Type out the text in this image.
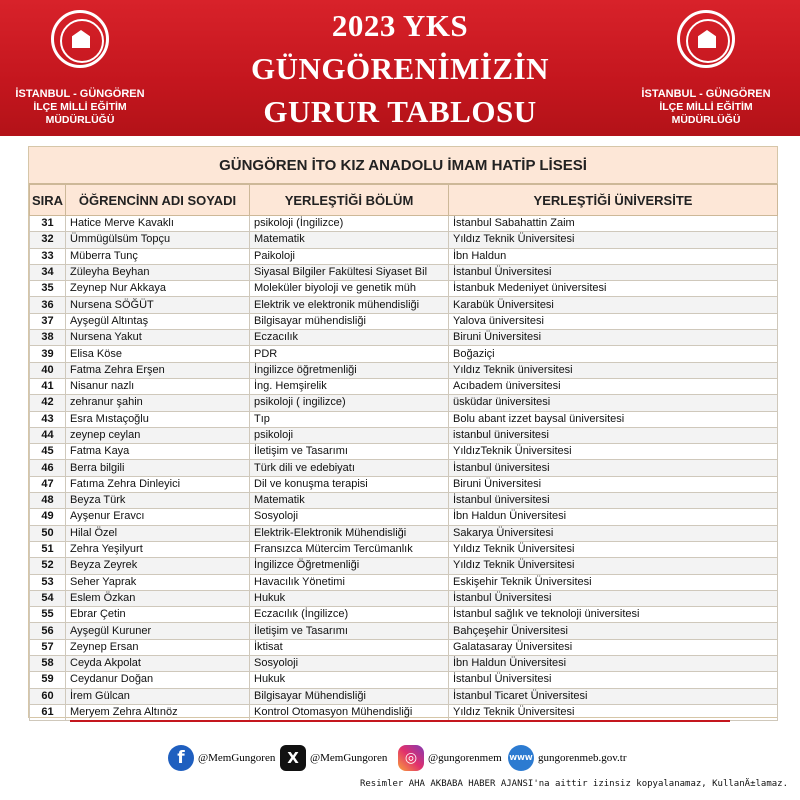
İSTANBUL - GÜNGÖREN
İLÇE MİLLİ EĞİTİM MÜDÜRLÜĞÜ
2023 YKS
GÜNGÖRENİMİZİN
GURUR TABLOSU	İSTANBUL - GÜNGÖREN
İLÇE MİLLİ EĞİTİM MÜDÜRLÜĞÜ
GÜNGÖREN İTO KIZ ANADOLU İMAM HATİP LİSESİ
SIRA	ÖĞRENCİNN ADI SOYADI	YERLEŞTİĞİ BÖLÜM	YERLEŞTİĞİ ÜNİVERSİTE
31	Hatice Merve Kavaklı	psikoloji (İngilizce)	İstanbul Sabahattin Zaim
32	Ümmügülsüm Topçu	Matematik	Yıldız Teknik Üniversitesi
33	Müberra Tunç	Paikoloji	İbn Haldun
34	Züleyha Beyhan	Siyasal Bilgiler Fakültesi Siyaset Bil	İstanbul Üniversitesi
35	Zeynep Nur Akkaya	Moleküler biyoloji ve genetik müh	İstanbuk Medeniyet üniversitesi
36	Nursena SÖĞÜT	Elektrik ve elektronik mühendisliği	Karabük Üniversitesi
37	Ayşegül Altıntaş	Bilgisayar mühendisliği	Yalova üniversitesi
38	Nursena Yakut	Eczacılık	Biruni Üniversitesi
39	Elisa Köse	PDR	Boğaziçi
40	Fatma Zehra Erşen	İngilizce öğretmenliği	Yıldız Teknik üniversitesi
41	Nisanur nazlı	İng. Hemşirelik	Acıbadem üniversitesi
42	zehranur şahin	psikoloji ( ingilizce)	üsküdar üniversitesi
43	Esra Mıstaçoğlu	Tıp	Bolu abant izzet baysal üniversitesi
44	zeynep ceylan	psikoloji	istanbul üniversitesi
45	Fatma Kaya	İletişim ve Tasarımı	YıldızTeknik Üniversitesi
46	Berra bilgili	Türk dili ve edebiyatı	İstanbul üniversitesi
47	Fatıma Zehra Dinleyici	Dil ve konuşma terapisi	Biruni Üniversitesi
48	Beyza Türk	Matematik	İstanbul üniversitesi
49	Ayşenur Eravcı	Sosyoloji	İbn Haldun Üniversitesi
50	Hilal Özel	Elektrik-Elektronik Mühendisliği	Sakarya Üniversitesi
51	Zehra Yeşilyurt	Fransızca Mütercim Tercümanlık	Yıldız Teknik Üniversitesi
52	Beyza Zeyrek	İngilizce Öğretmenliği	Yıldız Teknik Üniversitesi
53	Seher Yaprak	Havacılık Yönetimi	Eskişehir Teknik Üniversitesi
54	Eslem Özkan	Hukuk	İstanbul Üniversitesi
55	Ebrar Çetin	Eczacılık (İngilizce)	İstanbul sağlık ve teknoloji üniversitesi
56	Ayşegül Kuruner	İletişim ve Tasarımı	Bahçeşehir Üniversitesi
57	Zeynep Ersan	İktisat	Galatasaray Üniversitesi
58	Ceyda Akpolat	Sosyoloji	İbn Haldun Üniversitesi
59	Ceydanur Doğan	Hukuk	İstanbul Üniversitesi
60	İrem Gülcan	Bilgisayar Mühendisliği	İstanbul Ticaret Üniversitesi
61	Meryem Zehra Altınöz	Kontrol Otomasyon Mühendisliği	Yıldız Teknik Üniversitesi
f	@MemGungoren X	@MemGungoren	◎ @gungorenmem WWW gungorenmeb.gov.tr
Resimler AHA AKBABA HABER AJANSI'na aittir izinsiz kopyalanamaz, KullanÄ±lamaz.
